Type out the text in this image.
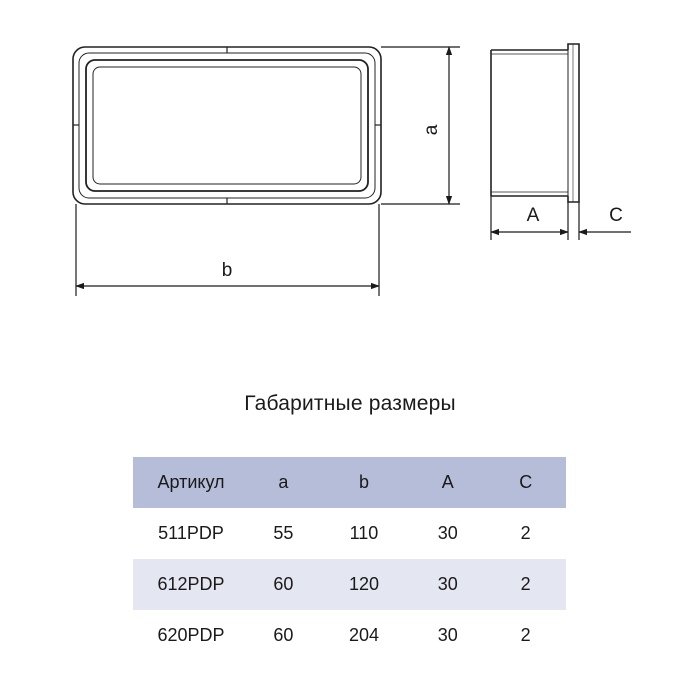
b
a
A	C
Габаритные размеры
Артикул	a	b	A	C
511PDP	55	110	30	2
612PDP	60	120	30	2
620PDP	60	204	30	2
